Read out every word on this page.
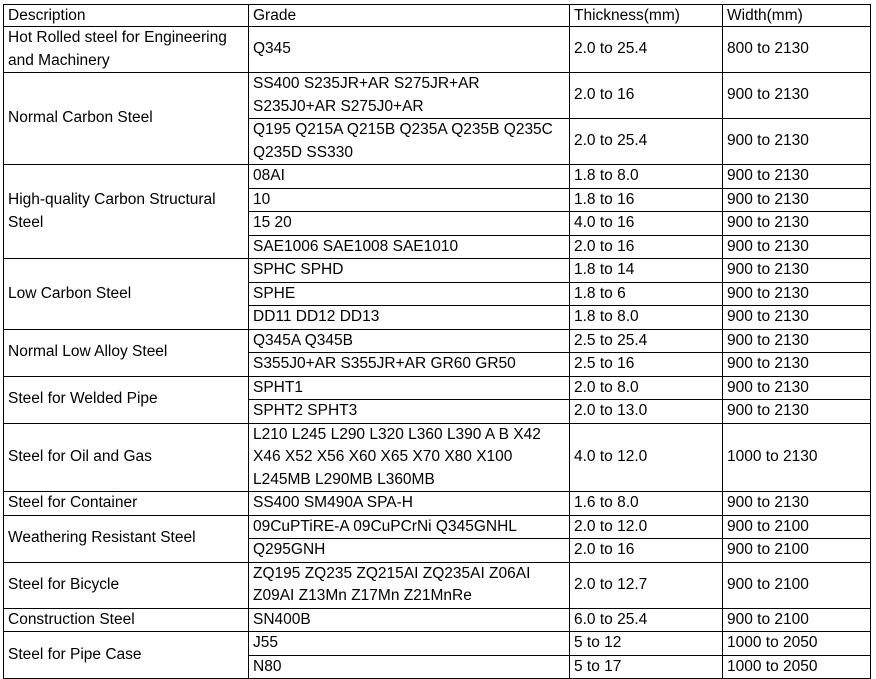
Description	Grade	Thickness(mm)	Width(mm)
Hot Rolled steel for Engineering and Machinery	Q345	2.0 to 25.4	800 to 2130
Normal Carbon Steel	SS400 S235JR+AR S275JR+AR S235J0+AR S275J0+AR	2.0 to 16	900 to 2130
	Q195 Q215A Q215B Q235A Q235B Q235C Q235D SS330	2.0 to 25.4	900 to 2130
High-quality Carbon Structural Steel	08AI	1.8 to 8.0	900 to 2130
	10	1.8 to 16	900 to 2130
	15 20	4.0 to 16	900 to 2130
	SAE1006 SAE1008 SAE1010	2.0 to 16	900 to 2130
Low Carbon Steel	SPHC SPHD	1.8 to 14	900 to 2130
	SPHE	1.8 to 6	900 to 2130
	DD11 DD12 DD13	1.8 to 8.0	900 to 2130
Normal Low Alloy Steel	Q345A Q345B	2.5 to 25.4	900 to 2130
	S355J0+AR S355JR+AR GR60 GR50	2.5 to 16	900 to 2130
Steel for Welded Pipe	SPHT1	2.0 to 8.0	900 to 2130
	SPHT2 SPHT3	2.0 to 13.0	900 to 2130
Steel for Oil and Gas	L210 L245 L290 L320 L360 L390 A B X42 X46 X52 X56 X60 X65 X70 X80 X100 L245MB L290MB L360MB	4.0 to 12.0	1000 to 2130
Steel for Container	SS400 SM490A SPA-H	1.6 to 8.0	900 to 2130
Weathering Resistant Steel	09CuPTiRE-A 09CuPCrNi Q345GNHL	2.0 to 12.0	900 to 2100
	Q295GNH	2.0 to 16	900 to 2100
Steel for Bicycle	ZQ195 ZQ235 ZQ215AI ZQ235AI Z06AI Z09AI Z13Mn Z17Mn Z21MnRe	2.0 to 12.7	900 to 2100
Construction Steel	SN400B	6.0 to 25.4	900 to 2100
Steel for Pipe Case	J55	5 to 12	1000 to 2050
	N80	5 to 17	1000 to 2050
